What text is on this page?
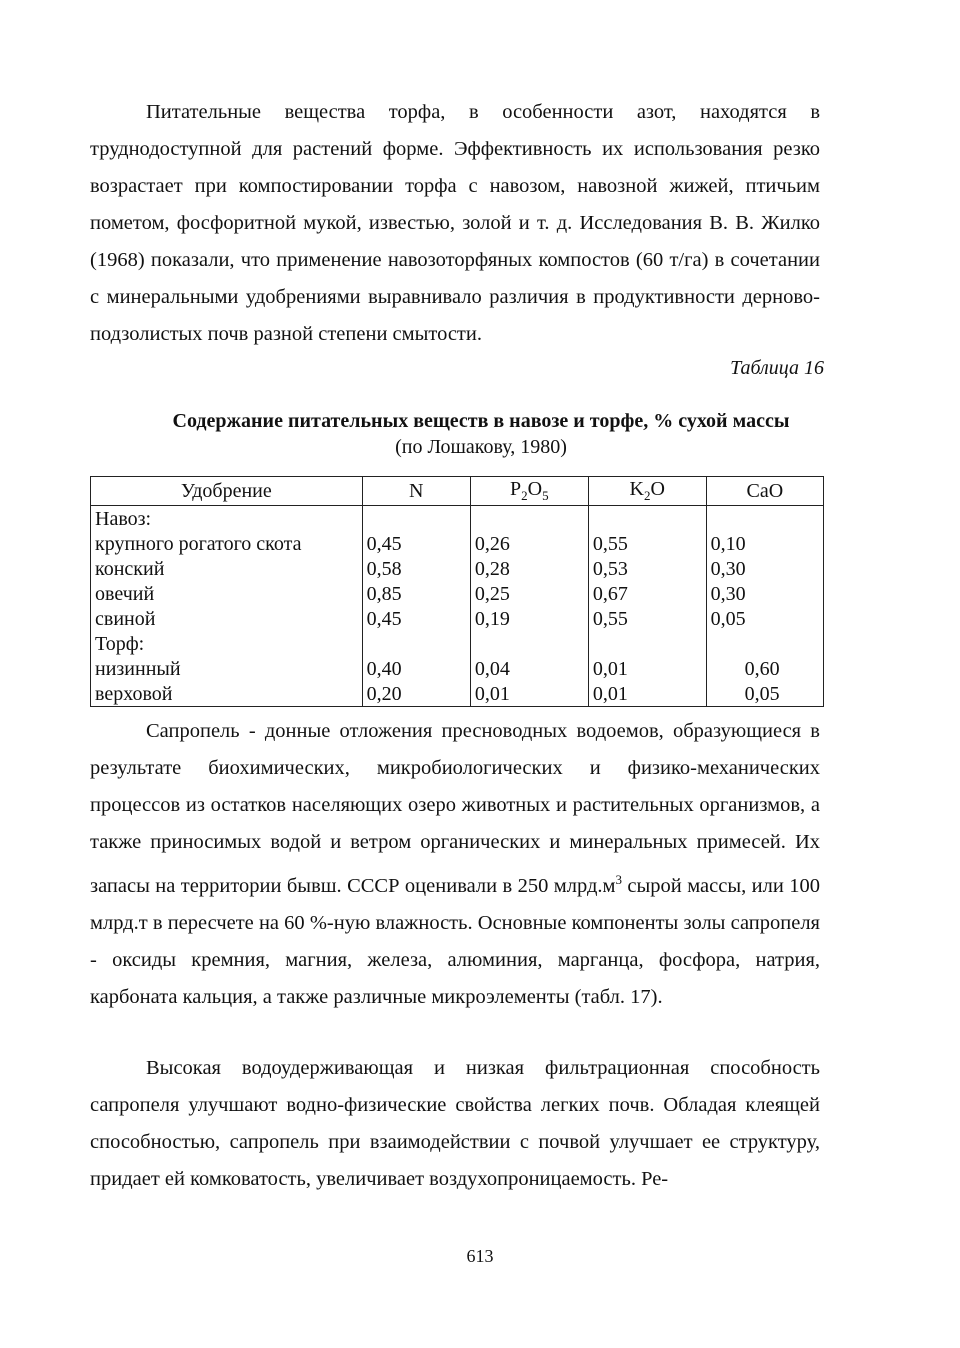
Питательные вещества торфа, в особенности азот, находятся в труднодоступной для растений форме. Эффективность их использования резко возрастает при компостировании торфа с навозом, навозной жижей, птичьим пометом, фосфоритной мукой, известью, золой и т. д. Исследования В. В. Жилко (1968) показали, что применение навозоторфяных компостов (60 т/га) в сочетании с минеральными удобрениями выравнивало различия в продуктивности дерново-подзолистых почв разной степени смытости.

Таблица 16

Содержание питательных веществ в навозе и торфе, % сухой массы

(по Лошакову, 1980)

Удобрение	N	$P_2O_5$	$K_2O$	CaO
Навоз:				
крупного рогатого скота	0,45	0,26	0,55	0,10
конский	0,58	0,28	0,53	0,30
овечий	0,85	0,25	0,67	0,30
свиной	0,45	0,19	0,55	0,05
Торф:				
низинный	0,40	0,04	0,01	0,60
верховой	0,20	0,01	0,01	0,05

Сапропель - донные отложения пресноводных водоемов, образующиеся в результате биохимических, микробиологических и физико-механических процессов из остатков населяющих озеро животных и растительных организмов, а также приносимых водой и ветром органических и минеральных примесей. Их запасы на территории бывш. СССР оценивали в 250 $млрд.м^3$ сырой массы, или 100 млрд.т в пересчете на 60 %-ную влажность. Основные компоненты золы сапропеля - оксиды кремния, магния, железа, алюминия, марганца, фосфора, натрия, карбоната кальция, а также различные микроэлементы (табл. 17).

Высокая водоудерживающая и низкая фильтрационная способность сапропеля улучшают водно-физические свойства легких почв. Обладая клеящей способностью, сапропель при взаимодействии с почвой улучшает ее структуру, придает ей комковатость, увеличивает воздухопроницаемость. Ре-

613
